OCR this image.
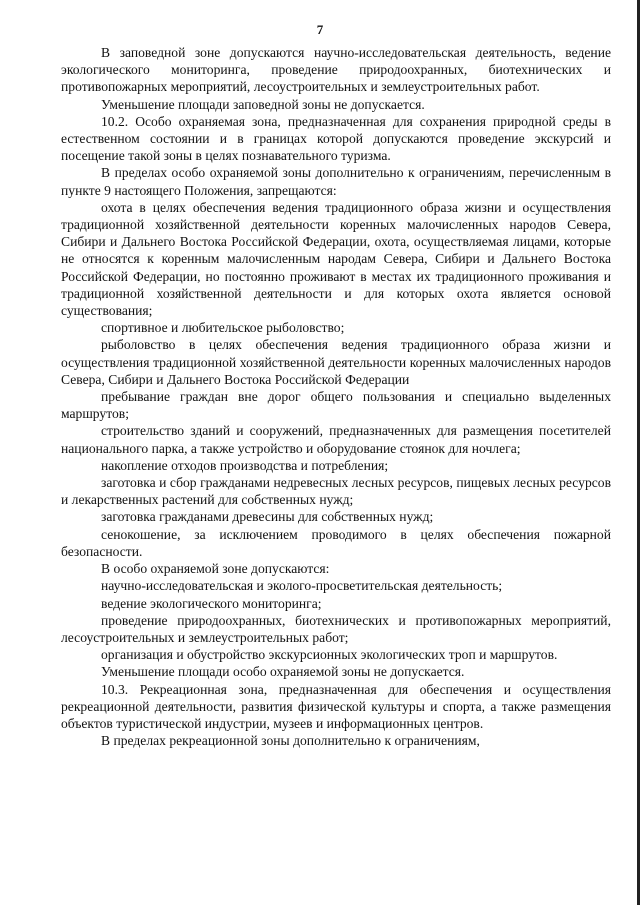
7

В заповедной зоне допускаются научно-исследовательская деятельность, ведение экологического мониторинга, проведение природоохранных, биотехнических и противопожарных мероприятий, лесоустроительных и землеустроительных работ.

Уменьшение площади заповедной зоны не допускается.

10.2. Особо охраняемая зона, предназначенная для сохранения природной среды в естественном состоянии и в границах которой допускаются проведение экскурсий и посещение такой зоны в целях познавательного туризма.

В пределах особо охраняемой зоны дополнительно к ограничениям, перечисленным в пункте 9 настоящего Положения, запрещаются:

охота в целях обеспечения ведения традиционного образа жизни и осуществления традиционной хозяйственной деятельности коренных малочисленных народов Севера, Сибири и Дальнего Востока Российской Федерации, охота, осуществляемая лицами, которые не относятся к коренным малочисленным народам Севера, Сибири и Дальнего Востока Российской Федерации, но постоянно проживают в местах их традиционного проживания и традиционной хозяйственной деятельности и для которых охота является основой существования;

спортивное и любительское рыболовство;

рыболовство в целях обеспечения ведения традиционного образа жизни и осуществления традиционной хозяйственной деятельности коренных малочисленных народов Севера, Сибири и Дальнего Востока Российской Федерации

пребывание граждан вне дорог общего пользования и специально выделенных маршрутов;

строительство зданий и сооружений, предназначенных для размещения посетителей национального парка, а также устройство и оборудование стоянок для ночлега;

накопление отходов производства и потребления;

заготовка и сбор гражданами недревесных лесных ресурсов, пищевых лесных ресурсов и лекарственных растений для собственных нужд;

заготовка гражданами древесины для собственных нужд;

сенокошение, за исключением проводимого в целях обеспечения пожарной безопасности.

В особо охраняемой зоне допускаются:

научно-исследовательская и эколого-просветительская деятельность;

ведение экологического мониторинга;

проведение природоохранных, биотехнических и противопожарных мероприятий, лесоустроительных и землеустроительных работ;

организация и обустройство экскурсионных экологических троп и маршрутов.

Уменьшение площади особо охраняемой зоны не допускается.

10.3. Рекреационная зона, предназначенная для обеспечения и осуществления рекреационной деятельности, развития физической культуры и спорта, а также размещения объектов туристической индустрии, музеев и информационных центров.

В пределах рекреационной зоны дополнительно к ограничениям,
